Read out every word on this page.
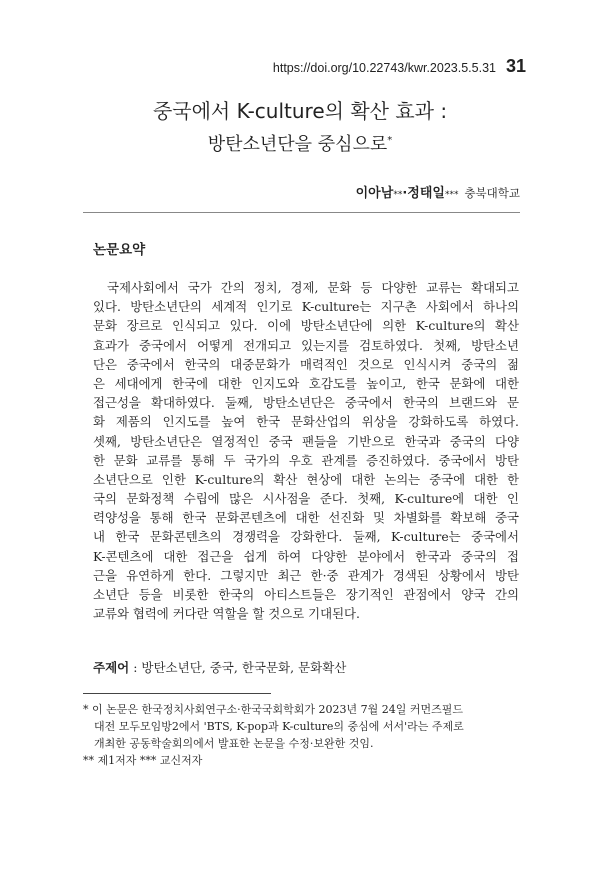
https://doi.org/10.22743/kwr.2023.5.5.31 31
중국에서 K-culture의 확산 효과 :
방탄소년단을 중심으로*
이아남**·정태일*** 충북대학교
논문요약
국제사회에서 국가 간의 정치, 경제, 문화 등 다양한 교류는 확대되고
있다. 방탄소년단의 세계적 인기로 K-culture는 지구촌 사회에서 하나의
문화 장르로 인식되고 있다. 이에 방탄소년단에 의한 K-culture의 확산
효과가 중국에서 어떻게 전개되고 있는지를 검토하였다. 첫째, 방탄소년
단은 중국에서 한국의 대중문화가 매력적인 것으로 인식시켜 중국의 젊
은 세대에게 한국에 대한 인지도와 호감도를 높이고, 한국 문화에 대한
접근성을 확대하였다. 둘째, 방탄소년단은 중국에서 한국의 브랜드와 문
화 제품의 인지도를 높여 한국 문화산업의 위상을 강화하도록 하였다.
셋째, 방탄소년단은 열정적인 중국 팬들을 기반으로 한국과 중국의 다양
한 문화 교류를 통해 두 국가의 우호 관계를 증진하였다. 중국에서 방탄
소년단으로 인한 K-culture의 확산 현상에 대한 논의는 중국에 대한 한
국의 문화정책 수립에 많은 시사점을 준다. 첫째, K-culture에 대한 인
력양성을 통해 한국 문화콘텐츠에 대한 선진화 및 차별화를 확보해 중국
내 한국 문화콘텐츠의 경쟁력을 강화한다. 둘째, K-culture는 중국에서
K-콘텐츠에 대한 접근을 쉽게 하여 다양한 분야에서 한국과 중국의 접
근을 유연하게 한다. 그렇지만 최근 한·중 관계가 경색된 상황에서 방탄
소년단 등을 비롯한 한국의 아티스트들은 장기적인 관점에서 양국 간의
교류와 협력에 커다란 역할을 할 것으로 기대된다.
주제어 : 방탄소년단, 중국, 한국문화, 문화확산
* 이 논문은 한국정치사회연구소·한국국회학회가 2023년 7월 24일 커먼즈필드
대전 모두모임방2에서 'BTS, K-pop과 K-culture의 중심에 서서'라는 주제로
개최한 공동학술회의에서 발표한 논문을 수정·보완한 것임.
** 제1저자 *** 교신저자
